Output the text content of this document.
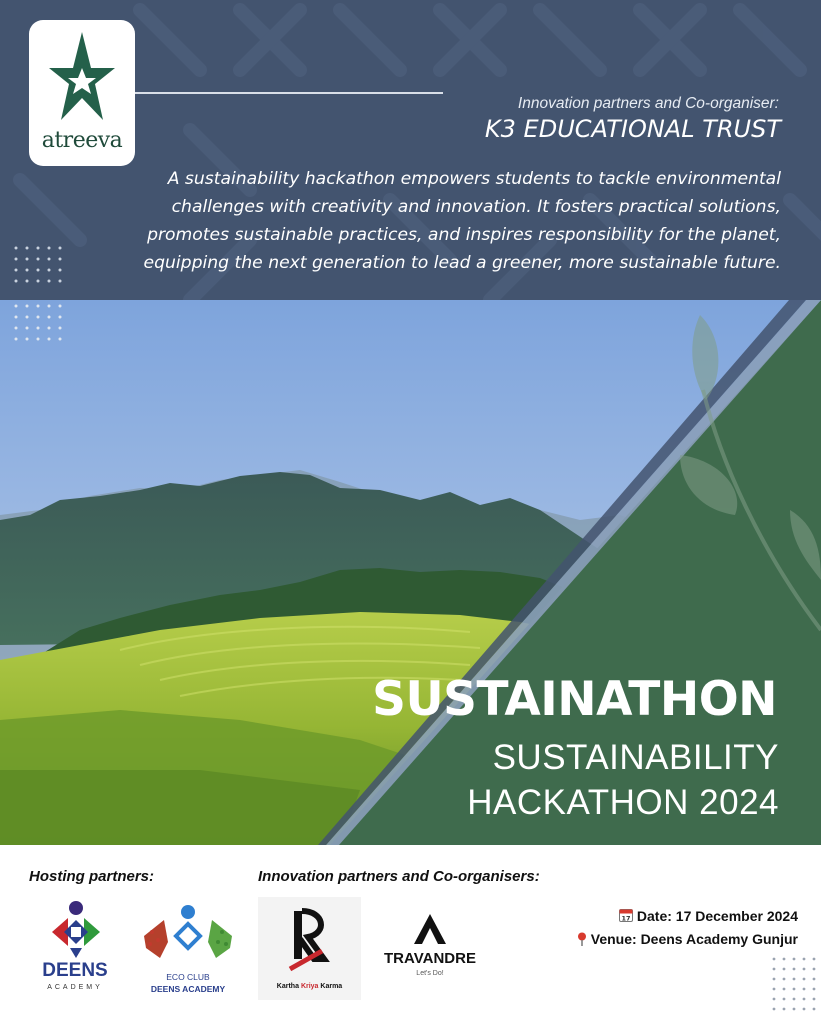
atreeva
Innovation partners and Co-organiser:
K3 EDUCATIONAL TRUST
A sustainability hackathon empowers students to tackle environmental challenges with creativity and innovation. It fosters practical solutions, promotes sustainable practices, and inspires responsibility for the planet, equipping the next generation to lead a greener, more sustainable future.
SUSTAINATHON
SUSTAINABILITY
HACKATHON 2024
Hosting partners:	Innovation partners and Co-organisers:
DEENS
ACADEMY
ECO CLUB
DEENS ACADEMY	Kartha Kriya Karma
TRAVANDRE
Let's Do!
17 Date: 17 December 2024
Venue: Deens Academy Gunjur
